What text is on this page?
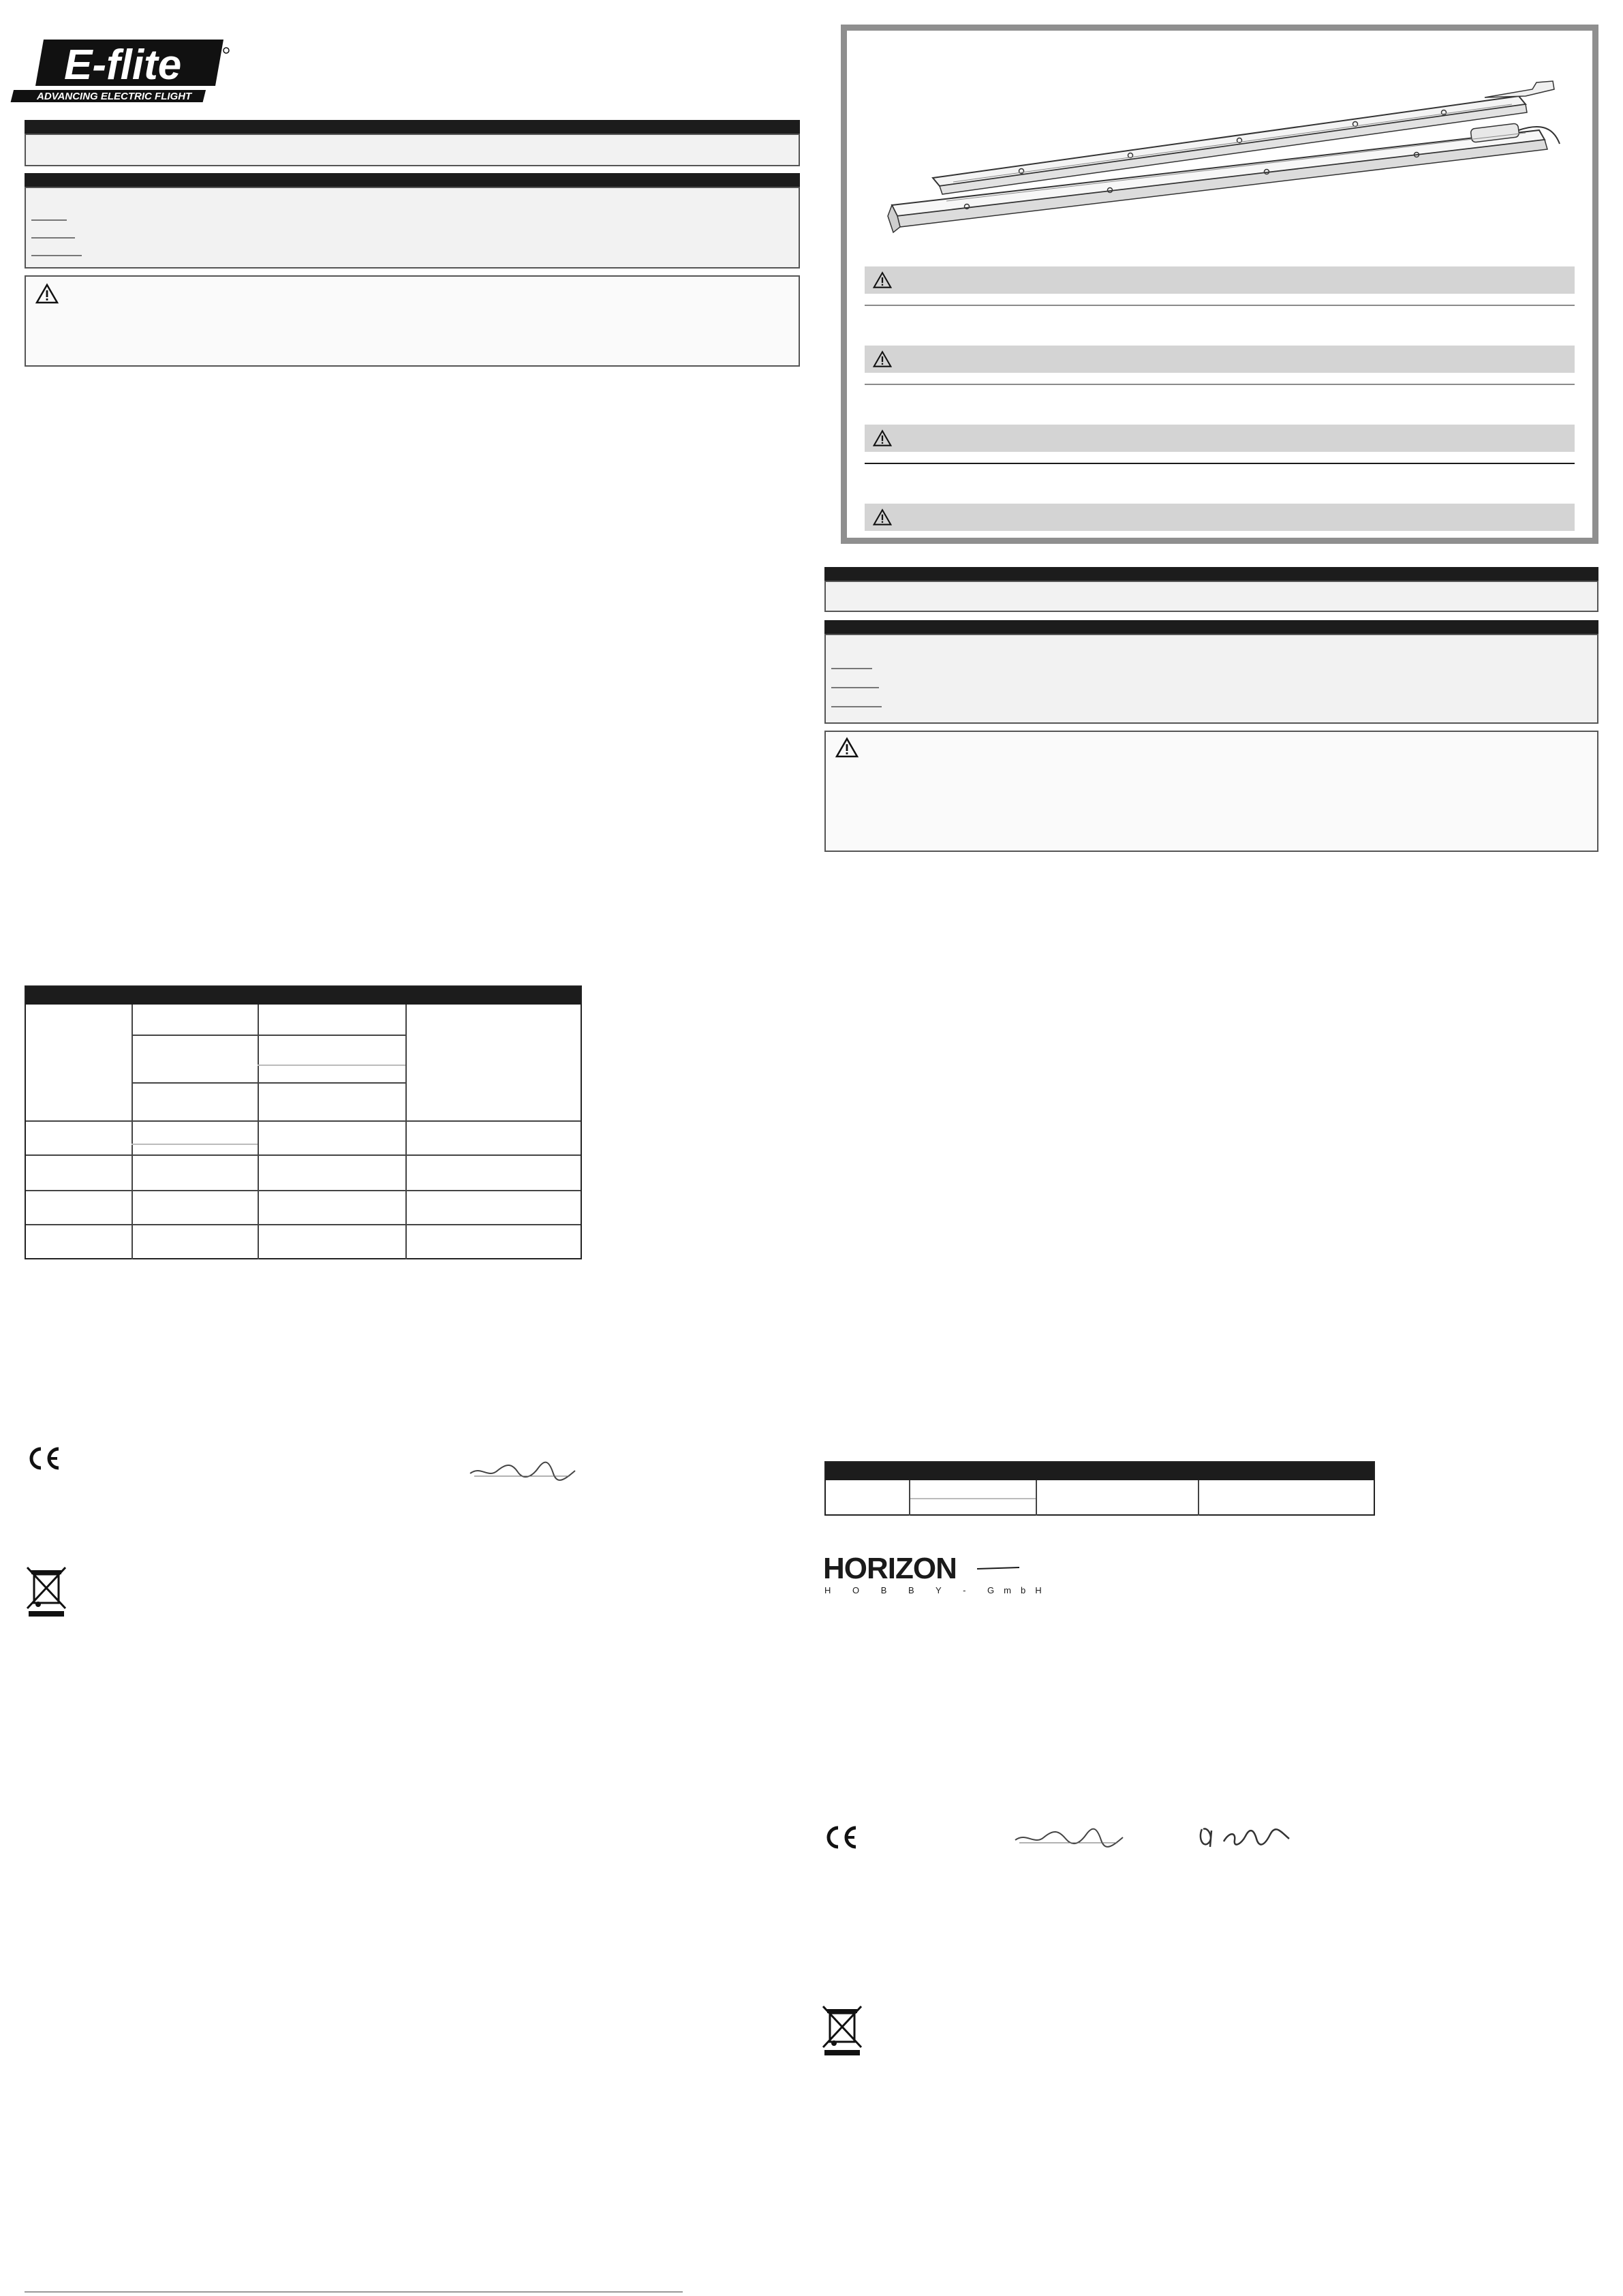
E-flite
ADVANCING ELECTRIC FLIGHT
HORIZON
H O B B Y - GmbH
